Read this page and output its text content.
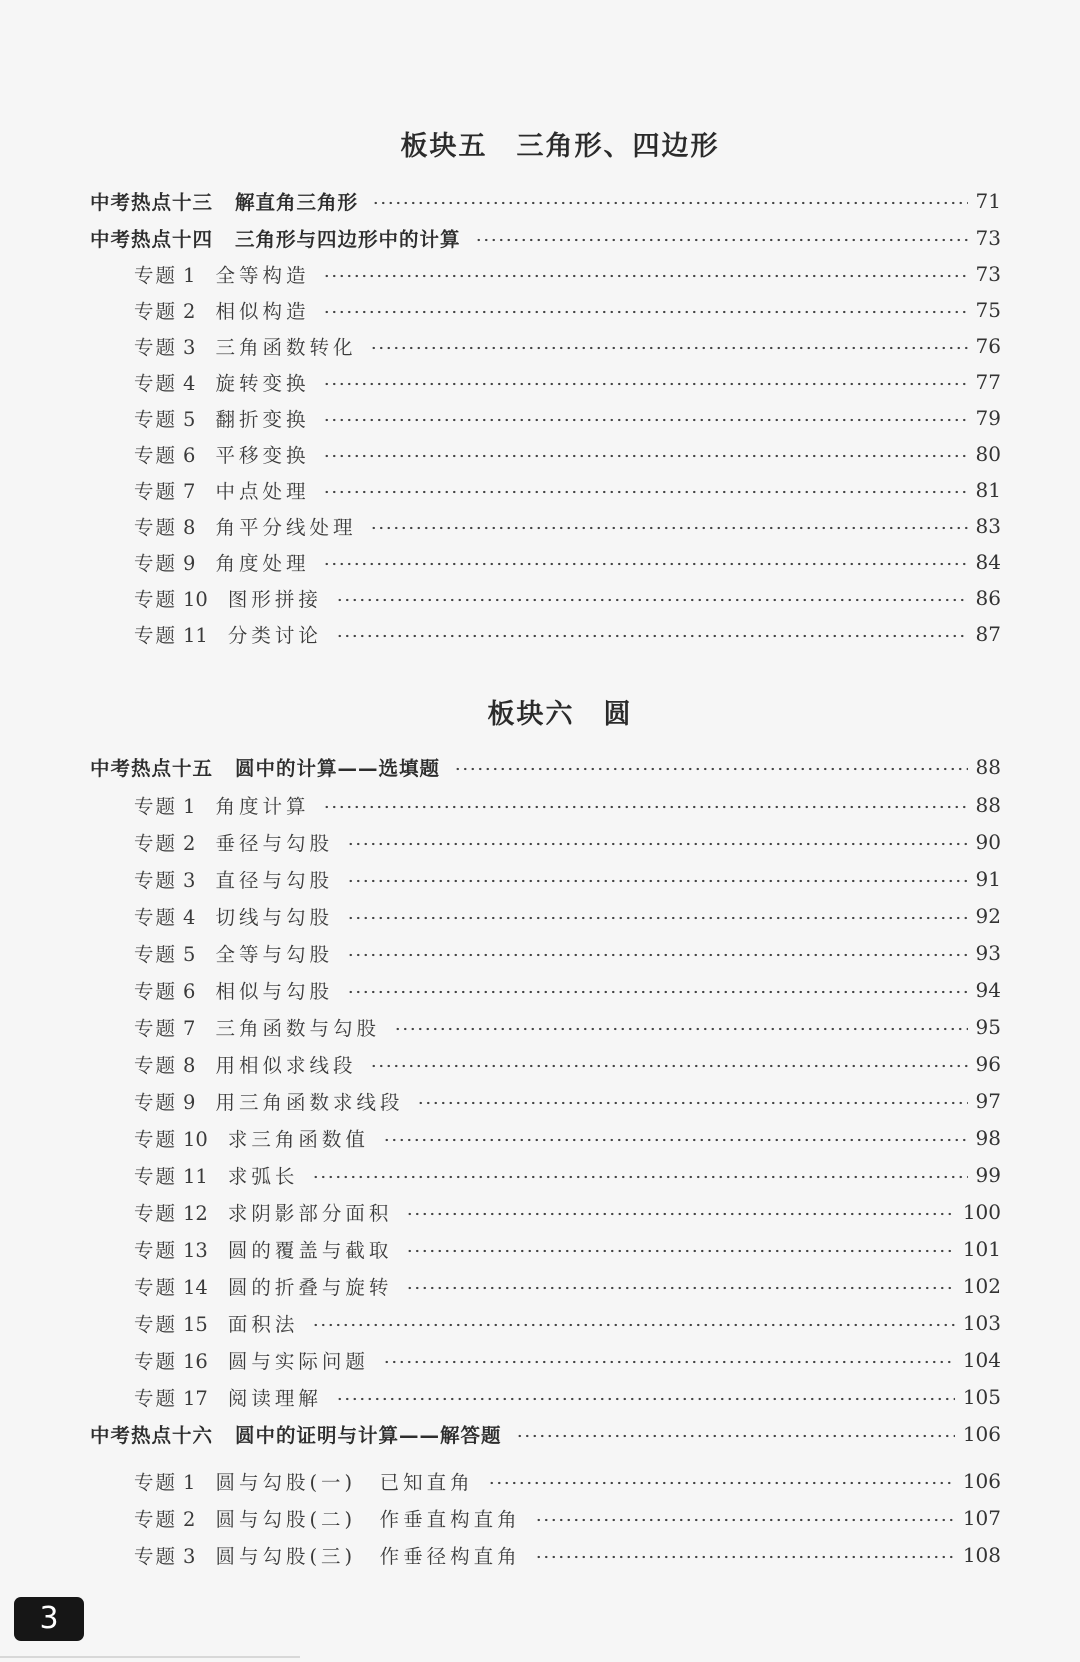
板块五　三角形、四边形
中考热点十三 解直角三角形	71
中考热点十四 三角形与四边形中的计算	73
专题 1 全等构造	73
专题 2 相似构造	75
专题 3 三角函数转化	76
专题 4 旋转变换	77
专题 5 翻折变换	79
专题 6 平移变换	80
专题 7 中点处理	81
专题 8 角平分线处理	83
专题 9 角度处理	84
专题 10 图形拼接	86
专题 11 分类讨论	87
板块六　圆
中考热点十五 圆中的计算——选填题	88
专题 1 角度计算	88
专题 2 垂径与勾股	90
专题 3 直径与勾股	91
专题 4 切线与勾股	92
专题 5 全等与勾股	93
专题 6 相似与勾股	94
专题 7 三角函数与勾股	95
专题 8 用相似求线段	96
专题 9 用三角函数求线段	97
专题 10 求三角函数值	98
专题 11 求弧长	99
专题 12 求阴影部分面积	100
专题 13 圆的覆盖与截取	101
专题 14 圆的折叠与旋转	102
专题 15 面积法	103
专题 16 圆与实际问题	104
专题 17 阅读理解	105
中考热点十六 圆中的证明与计算——解答题	106
专题 1 圆与勾股(一)　已知直角	106
专题 2 圆与勾股(二)　作垂直构直角	107
专题 3 圆与勾股(三)　作垂径构直角	108
3
